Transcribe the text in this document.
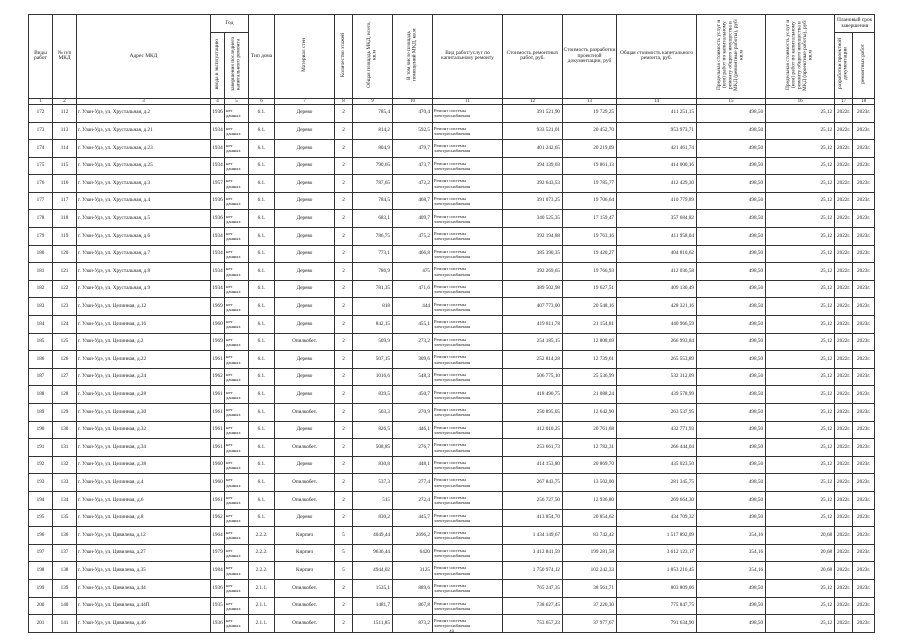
Виды работ	№ п/п МКД	Адрес МКД	Год		Тип дома	Материал стен	Количество этажей	Общая площадь МКД, всего, кв.м	В том числе площадь помещений МКД, кв.м	Вид работ/услуг по капитальному ремонту	Стоимость ремонтных работ, руб.	Стоимость разработки проектной документации, руб	Общая стоимость капитального ремонта, руб.	Предельная стоимость услуг и (или) работ по капитальному ремонту общего имущества в МКД (ремонтные работы), руб/кв.м	Предельная стоимость услуг и (или) работ по капитальному ремонту общего имущества в МКД (проектные работы), руб/кв.м	Плановый срок завершения	
			ввода в эксплуатацию	завершения последнего капитального ремонта												разработки проектной документации	ремонтных работ
1	2	3	4	5	6	7	8	9	10	11	12	13	14	15	16	17	18
172	112	г. Улан-Удэ, ул. Хрустальная, д.2	1936	нет данных	6.1.	Дерево	2	785,4	470,4	Ремонт системы электроснабжения	391 521,90	19 729,25	411 251,15	498,50	25,12	2022г.	2023г.
173	113	г. Улан-Удэ, ул. Хрустальная, д.21	1934	нет данных	6.1.	Дерево	2	814,2	592,5	Ремонт системы электроснабжения	933 521,01	20 452,70	953 973,71	498,50	25,12	2022г.	2023г.
174	114	г. Улан-Удэ, ул. Хрустальная, д.23	1934	нет данных	6.1.	Дерево	2	804,9	479,7	Ремонт системы электроснабжения	401 242,65	20 219,09	421 461,74	498,50	25,12	2022г.	2023г.
175	115	г. Улан-Удэ, ул. Хрустальная, д.25	1934	нет данных	6.1.	Дерево	2	790,65	473,7	Ремонт системы электроснабжения	394 139,03	19 861,13	414 000,16	498,50	25,12	2022г.	2023г.
176	116	г. Улан-Удэ, ул. Хрустальная, д.3	1957	нет данных	6.1.	Дерево	2	787,65	472,2	Ремонт системы электроснабжения	392 643,53	19 785,77	412 429,30	498,50	25,12	2022г.	2023г.
177	117	г. Улан-Удэ, ул. Хрустальная, д.4	1936	нет данных	6.1.	Дерево	2	784,5	468,7	Ремонт системы электроснабжения	391 073,25	19 706,64	410 779,89	498,50	25,12	2022г.	2023г.
178	118	г. Улан-Удэ, ул. Хрустальная, д.5	1936	нет данных	6.1.	Дерево	2	683,1	409,7	Ремонт системы электроснабжения	340 525,35	17 159,47	357 684,82	498,50	25,12	2022г.	2023г.
179	119	г. Улан-Удэ, ул. Хрустальная, д.6	1934	нет данных	6.1.	Дерево	2	786,75	475,2	Ремонт системы электроснабжения	392 194,88	19 763,16	411 958,04	498,50	25,12	2022г.	2023г.
180	120	г. Улан-Удэ, ул. Хрустальная, д.7	1934	нет данных	6.1.	Дерево	2	773,1	466,8	Ремонт системы электроснабжения	385 390,35	19 420,27	404 810,62	498,50	25,12	2022г.	2023г.
181	121	г. Улан-Удэ, ул. Хрустальная, д.8	1934	нет данных	6.1.	Дерево	2	786,9	475	Ремонт системы электроснабжения	392 269,65	19 766,93	412 036,58	498,50	25,12	2022г.	2023г.
182	122	г. Улан-Удэ, ул. Хрустальная, д.9	1934	нет данных	6.1.	Дерево	2	781,35	471,6	Ремонт системы электроснабжения	389 502,98	19 627,51	409 130,49	498,50	25,12	2022г.	2023г.
183	123	г. Улан-Удэ, ул. Целинная, д.12	1969	нет данных	6.1.	Дерево	2	818	444	Ремонт системы электроснабжения	407 773,00	20 548,16	428 321,16	498,50	25,12	2022г.	2023г.
184	124	г. Улан-Удэ, ул. Целинная, д.16	1960	нет данных	6.1.	Дерево	2	842,15	455,1	Ремонт системы электроснабжения	419 811,78	21 154,81	440 966,59	498,50	25,12	2022г.	2023г.
185	125	г. Улан-Удэ, ул. Целинная, д.2	1969	нет данных	6.1.	Опилкобет.	2	509,9	273,2	Ремонт системы электроснабжения	254 185,15	12 808,69	266 993,84	498,50	25,12	2022г.	2023г.
186	126	г. Улан-Удэ, ул. Целинная, д.22	1961	нет данных	6.1.	Дерево	2	507,15	309,6	Ремонт системы электроснабжения	252 814,28	12 739,61	265 553,89	498,50	25,12	2022г.	2023г.
187	127	г. Улан-Удэ, ул. Целинная, д.24	1962	нет данных	6.1.	Дерево	2	1016,6	548,3	Ремонт системы электроснабжения	506 775,10	25 536,99	532 312,09	498,50	25,12	2022г.	2023г.
188	128	г. Улан-Удэ, ул. Целинная, д.28	1961	нет данных	6.1.	Дерево	2	839,5	450,7	Ремонт системы электроснабжения	418 490,75	21 088,24	439 578,99	498,50	25,12	2022г.	2023г.
189	129	г. Улан-Удэ, ул. Целинная, д.30	1961	нет данных	6.1.	Опилкобет.	2	503,3	270,9	Ремонт системы электроснабжения	250 895,05	12 642,90	263 537,95	498,50	25,12	2022г.	2023г.
190	130	г. Улан-Удэ, ул. Целинная, д.32	1961	нет данных	6.1.	Дерево	2	826,5	446,1	Ремонт системы электроснабжения	412 010,25	20 761,68	432 771,93	498,50	25,12	2022г.	2023г.
191	131	г. Улан-Удэ, ул. Целинная, д.34	1961	нет данных	6.1.	Опилкобет.	2	508,85	276,7	Ремонт системы электроснабжения	253 661,73	12 782,31	266 444,04	498,50	25,12	2022г.	2023г.
192	132	г. Улан-Удэ, ул. Целинная, д.38	1960	нет данных	6.1.	Дерево	2	830,8	448,1	Ремонт системы электроснабжения	414 153,80	20 869,70	435 023,50	498,50	25,12	2022г.	2023г.
193	133	г. Улан-Удэ, ул. Целинная, д.4	1960	нет данных	6.1.	Опилкобет.	2	537,3	277,4	Ремонт системы электроснабжения	267 843,75	13 502,00	281 345,75	498,50	25,12	2022г.	2023г.
194	134	г. Улан-Удэ, ул. Целинная, д.6	1961	нет данных	6.1.	Опилкобет.	2	515	272,4	Ремонт системы электроснабжения	256 727,50	12 936,80	269 664,30	498,50	25,12	2022г.	2023г.
195	135	г. Улан-Удэ, ул. Целинная, д.8	1962	нет данных	6.1.	Дерево	2	830,2	445,7	Ремонт системы электроснабжения	413 854,70	20 854,62	434 709,32	498,50	25,12	2022г.	2023г.
196	136	г. Улан-Удэ, ул. Цивилева, д.12	1964	нет данных	2.2.2.	Кирпич	5	4049,44	2696,2	Ремонт системы электроснабжения	1 434 149,67	83 742,42	1 517 892,09	354,16	20,68	2022г.	2023г.
197	137	г. Улан-Удэ, ул. Цивилева, д.27	1979	нет данных	2.2.2.	Кирпич	5	9636,44	6420	Ремонт системы электроснабжения	3 412 841,59	199 281,58	3 612 123,17	354,16	20,68	2022г.	2023г.
198	138	г. Улан-Удэ, ул. Цивилева, д.35	1984	нет данных	2.2.2.	Кирпич	5	4944,02	3125	Ремонт системы электроснабжения	1 750 974,12	102 242,33	1 853 216,45	354,16	20,68	2022г.	2023г.
199	139	г. Улан-Удэ, ул. Цивилева, д.44	1936	нет данных	2.1.1.	Опилкобет.	2	1535,1	889,6	Ремонт системы электроснабжения	765 247,35	38 561,71	803 809,06	498,50	25,12	2022г.	2023г.
200	140	г. Улан-Удэ, ул. Цивилева, д.44П	1935	нет данных	2.1.1.	Опилкобет.	2	1481,7	867,8	Ремонт системы электроснабжения	738 627,45	37 220,30	775 847,75	498,50	25,12	2022г.	2023г.
201	141	г. Улан-Удэ, ул. Цивилева, д.46	1936	нет данных	2.1.1.	Опилкобет.	2	1511,85	873,2	Ремонт системы электроснабжения	753 657,23	37 977,67	791 634,90	498,50	25,12	2022г.	2023г.
48
